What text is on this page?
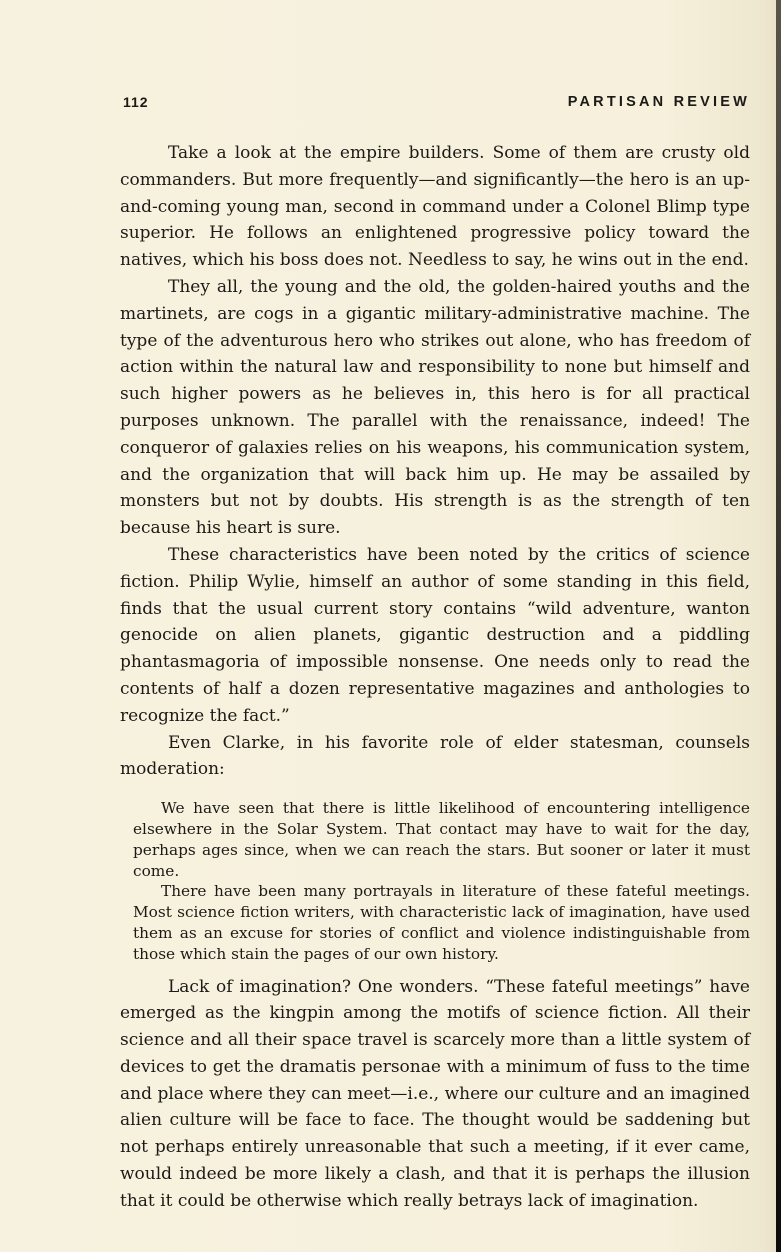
112	PARTISAN REVIEW

Take a look at the empire builders. Some of them are crusty old commanders. But more frequently—and significantly—the hero is an up-and-coming young man, second in command under a Colonel Blimp type superior. He follows an enlightened progressive policy toward the natives, which his boss does not. Needless to say, he wins out in the end.

They all, the young and the old, the golden-haired youths and the martinets, are cogs in a gigantic military-administrative machine. The type of the adventurous hero who strikes out alone, who has freedom of action within the natural law and responsibility to none but himself and such higher powers as he believes in, this hero is for all practical purposes unknown. The parallel with the renaissance, indeed! The conqueror of galaxies relies on his weapons, his communication system, and the organization that will back him up. He may be assailed by monsters but not by doubts. His strength is as the strength of ten because his heart is sure.

These characteristics have been noted by the critics of science fiction. Philip Wylie, himself an author of some standing in this field, finds that the usual current story contains “wild adventure, wanton genocide on alien planets, gigantic destruction and a piddling phantasmagoria of impossible nonsense. One needs only to read the contents of half a dozen representative magazines and anthologies to recognize the fact.”

Even Clarke, in his favorite role of elder statesman, counsels moderation:

We have seen that there is little likelihood of encountering intelligence elsewhere in the Solar System. That contact may have to wait for the day, perhaps ages since, when we can reach the stars. But sooner or later it must come.

There have been many portrayals in literature of these fateful meetings. Most science fiction writers, with characteristic lack of imagination, have used them as an excuse for stories of conflict and violence indistinguishable from those which stain the pages of our own history.

Lack of imagination? One wonders. “These fateful meetings” have emerged as the kingpin among the motifs of science fiction. All their science and all their space travel is scarcely more than a little system of devices to get the dramatis personae with a minimum of fuss to the time and place where they can meet—i.e., where our culture and an imagined alien culture will be face to face. The thought would be saddening but not perhaps entirely unreasonable that such a meeting, if it ever came, would indeed be more likely a clash, and that it is perhaps the illusion that it could be otherwise which really betrays lack of imagination.
